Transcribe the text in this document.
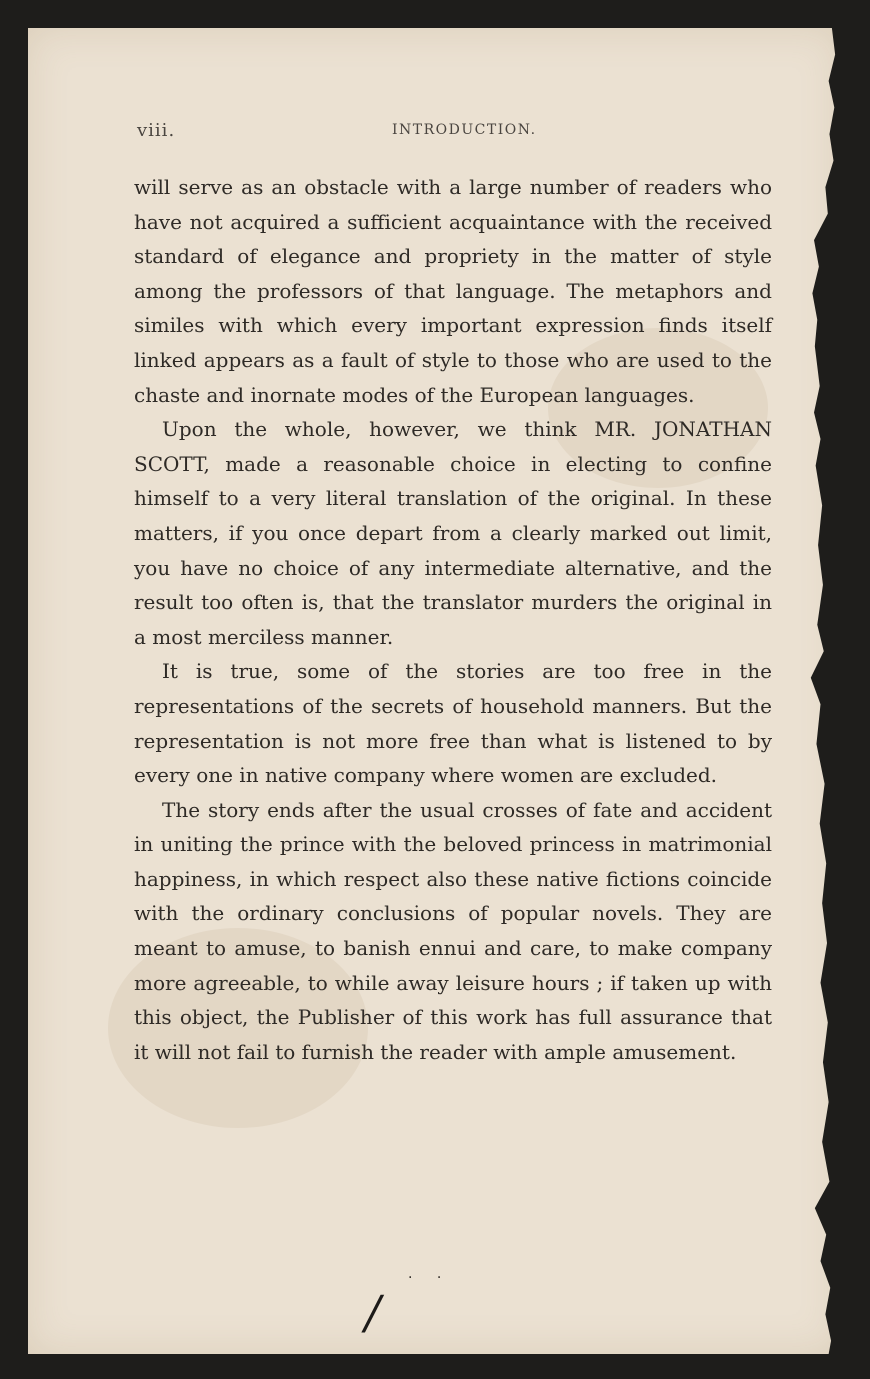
viii.	INTRODUCTION.

will serve as an obstacle with a large number of readers who have not acquired a sufficient acquaintance with the received standard of elegance and propriety in the matter of style among the professors of that language. The metaphors and similes with which every important expression finds itself linked appears as a fault of style to those who are used to the chaste and inornate modes of the European languages.

Upon the whole, however, we think MR. JONATHAN SCOTT, made a reasonable choice in electing to confine himself to a very literal translation of the original. In these matters, if you once depart from a clearly marked out limit, you have no choice of any intermediate alternative, and the result too often is, that the translator murders the original in a most merciless manner.

It is true, some of the stories are too free in the representations of the secrets of household manners. But the representation is not more free than what is listened to by every one in native company where women are excluded.

The story ends after the usual crosses of fate and accident in uniting the prince with the beloved princess in matrimonial happiness, in which respect also these native fictions coincide with the ordinary conclusions of popular novels. They are meant to amuse, to banish ennui and care, to make company more agreeable, to while away leisure hours ; if taken up with this object, the Publisher of this work has full assurance that it will not fail to furnish the reader with ample amusement.

· ·
/
